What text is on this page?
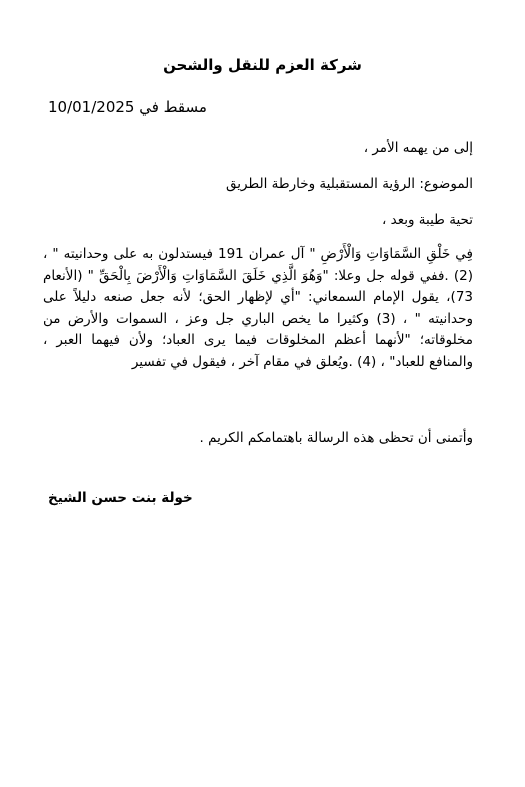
شركة العزم للنقل والشحن
مسقط في 10/01/2025
إلى من يهمه الأمر ،
الموضوع: الرؤية المستقبلية وخارطة الطريق
تحية طيبة وبعد ،
فِي خَلْقِ السَّمَاوَاتِ وَالْأَرْضِ " آل عمران 191 فيستدلون به على وحدانيته " ، (2) .ففي قوله جل وعلا: "وَهُوَ الَّذِي خَلَقَ السَّمَاوَاتِ وَالْأَرْضَ بِالْحَقِّ " (الأنعام 73)، يقول الإمام السمعاني: "أي لإظهار الحق؛ لأنه جعل صنعه دليلاً على وحدانيته " ، (3) وكثيرا ما يخص الباري جل وعز ، السموات والأرض من مخلوقاته؛ "لأنهما أعظم المخلوقات فيما يرى العباد؛ ولأن فيهما العبر ، والمنافع للعباد" ، (4) .ويُعلق في مقام آخر ، فيقول في تفسير
وأتمنى أن تحظى هذه الرسالة باهتمامكم الكريم .
خولة بنت حسن الشيخ
